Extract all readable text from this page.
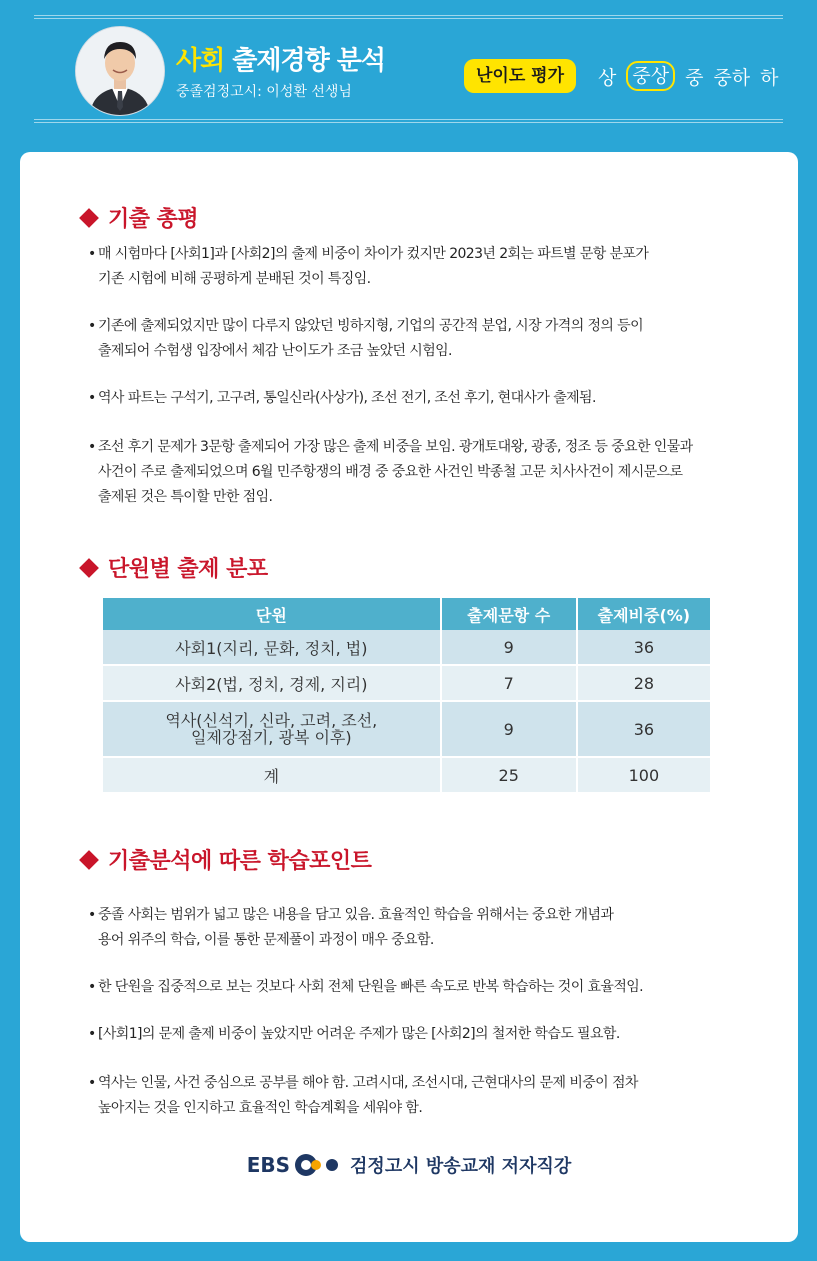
사회 출제경향 분석
중졸검정고시: 이성환 선생님
난이도 평가	상 중상 중 중하 하
기출 총평
• 매 시험마다 [사회1]과 [사회2]의 출제 비중이 차이가 컸지만 2023년 2회는 파트별 문항 분포가
기존 시험에 비해 공평하게 분배된 것이 특징임.
• 기존에 출제되었지만 많이 다루지 않았던 빙하지형, 기업의 공간적 분업, 시장 가격의 정의 등이
출제되어 수험생 입장에서 체감 난이도가 조금 높았던 시험임.
• 역사 파트는 구석기, 고구려, 통일신라(사상가), 조선 전기, 조선 후기, 현대사가 출제됨.
• 조선 후기 문제가 3문항 출제되어 가장 많은 출제 비중을 보임. 광개토대왕, 광종, 정조 등 중요한 인물과
사건이 주로 출제되었으며 6월 민주항쟁의 배경 중 중요한 사건인 박종철 고문 치사사건이 제시문으로
출제된 것은 특이할 만한 점임.
단원별 출제 분포
단원	출제문항 수	출제비중(%)
사회1(지리, 문화, 정치, 법)	9	36
사회2(법, 정치, 경제, 지리)	7	28
역사(신석기, 신라, 고려, 조선,
일제강점기, 광복 이후)	9	36
계	25	100
기출분석에 따른 학습포인트
• 중졸 사회는 범위가 넓고 많은 내용을 담고 있음. 효율적인 학습을 위해서는 중요한 개념과
용어 위주의 학습, 이를 통한 문제풀이 과정이 매우 중요함.
• 한 단원을 집중적으로 보는 것보다 사회 전체 단원을 빠른 속도로 반복 학습하는 것이 효율적임.
• [사회1]의 문제 출제 비중이 높았지만 어려운 주제가 많은 [사회2]의 철저한 학습도 필요함.
• 역사는 인물, 사건 중심으로 공부를 해야 함. 고려시대, 조선시대, 근현대사의 문제 비중이 점차
높아지는 것을 인지하고 효율적인 학습계획을 세워야 함.
EBS	검정고시 방송교재 저자직강
